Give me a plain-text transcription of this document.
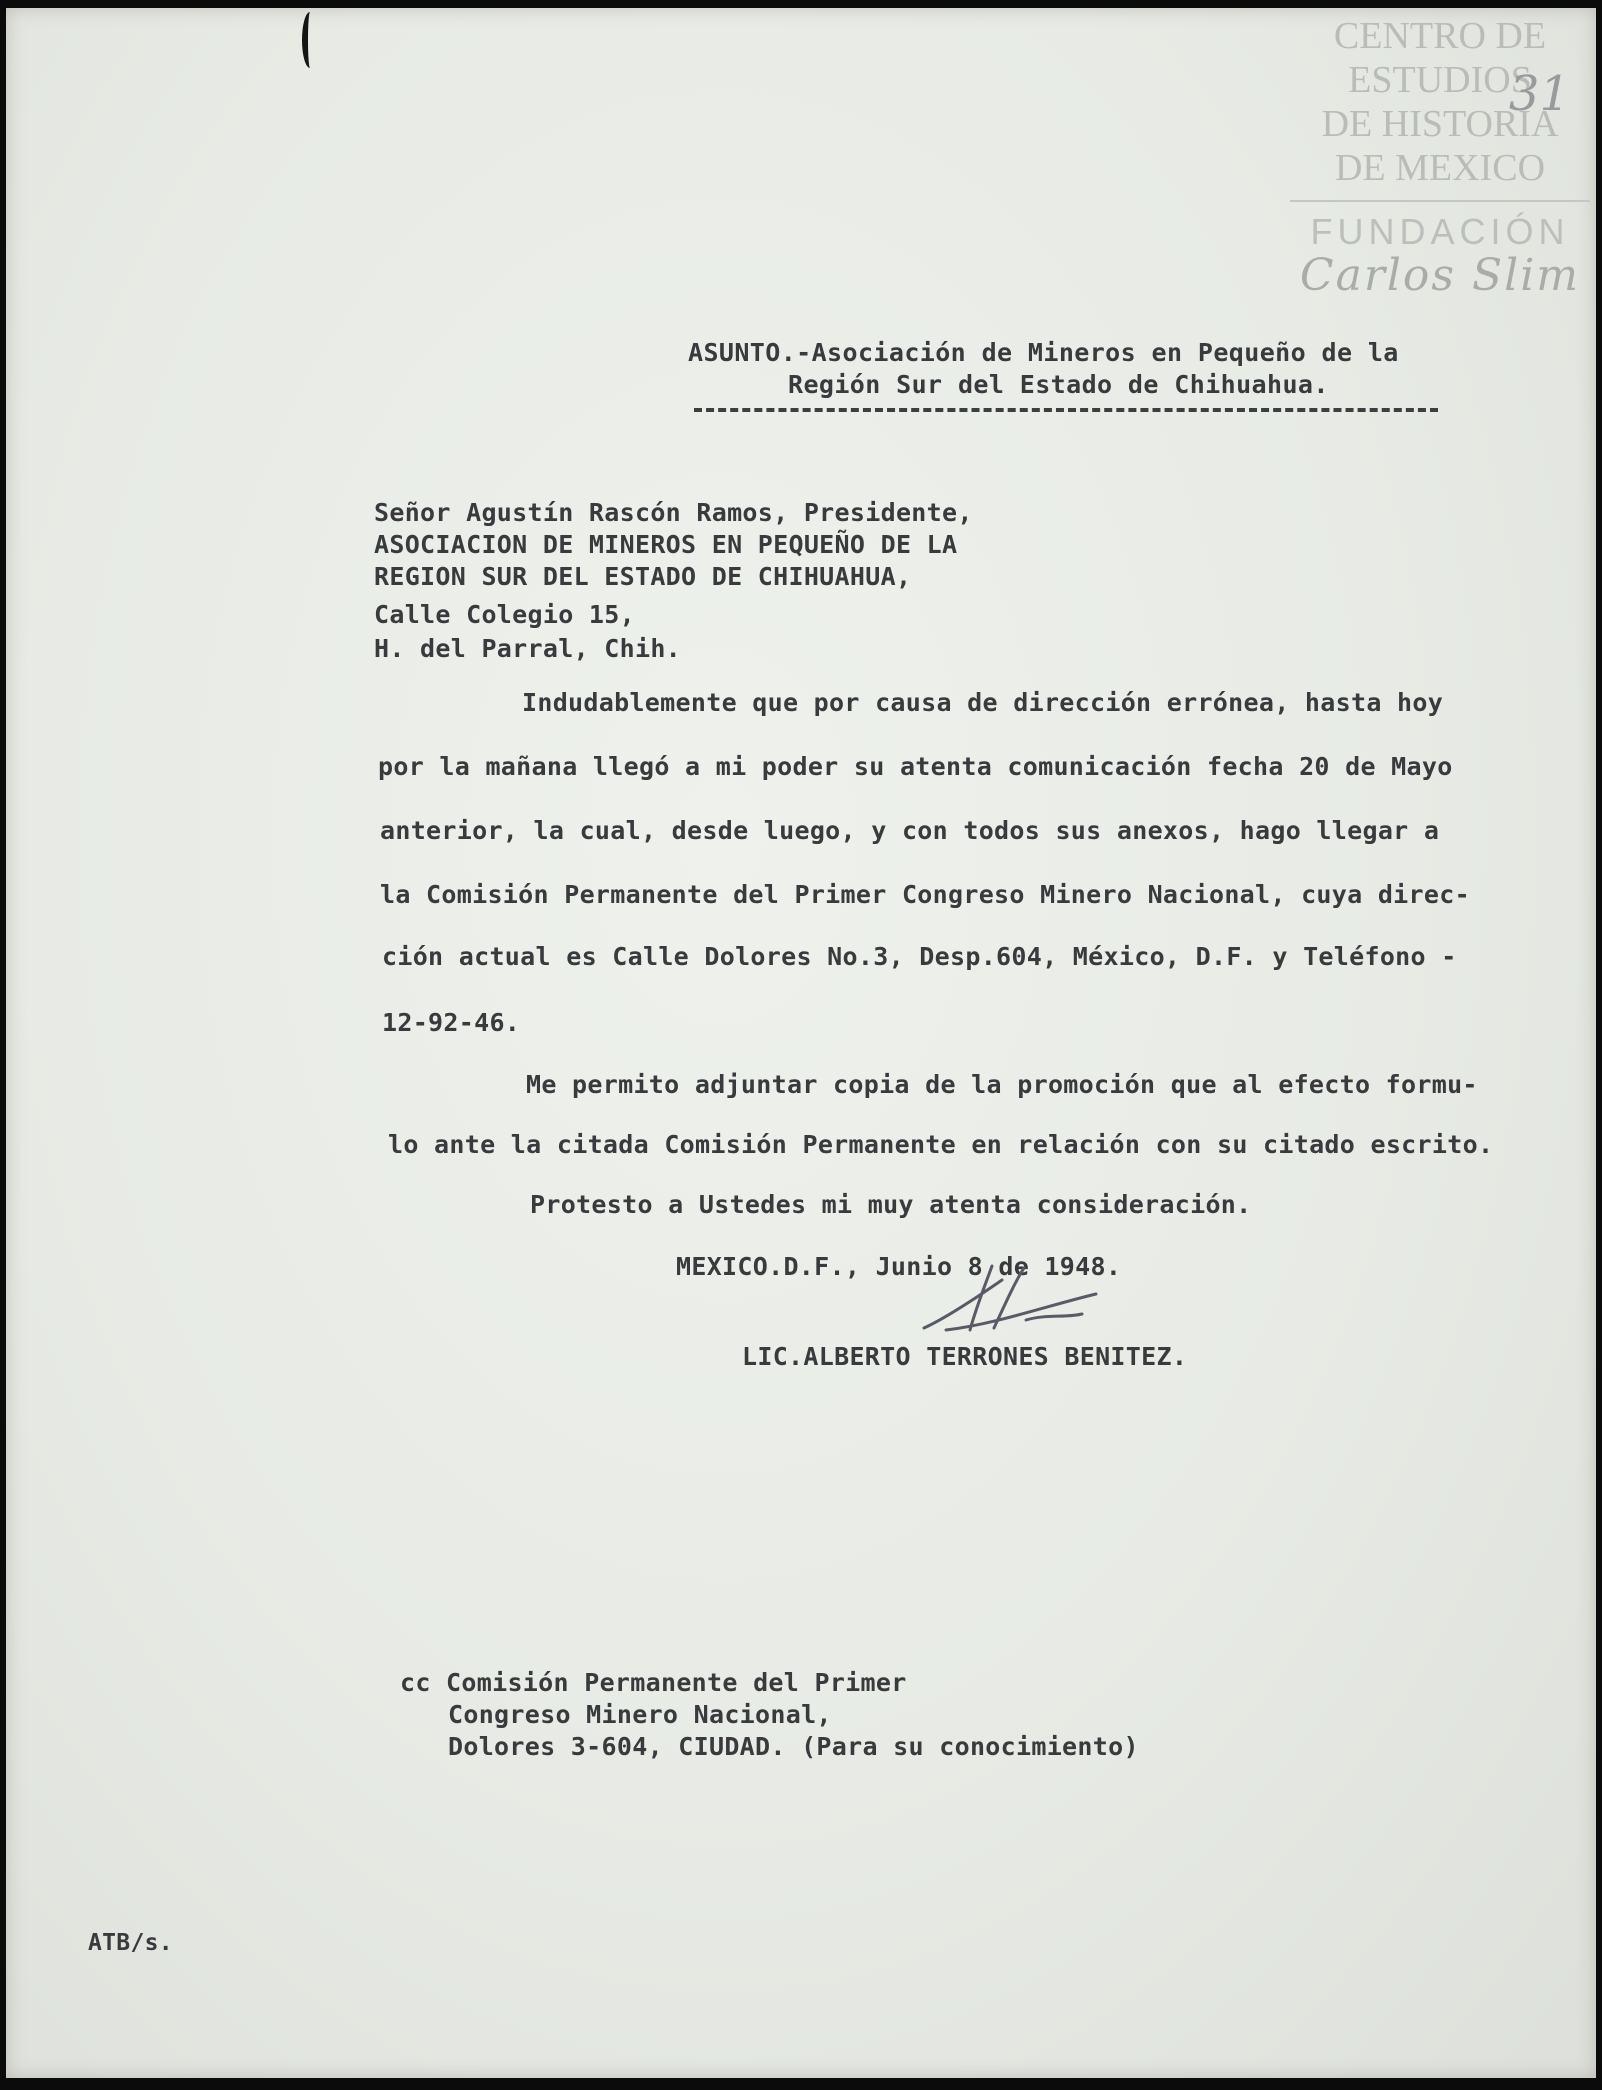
CENTRO DE
ESTUDIOS
DE HISTORIA
DE MEXICO
FUNDACIÓN
Carlos Slim
31
ASUNTO.-Asociación de Mineros en Pequeño de la
Región Sur del Estado de Chihuahua.
Señor Agustín Rascón Ramos, Presidente,
ASOCIACION DE MINEROS EN PEQUEÑO DE LA
REGION SUR DEL ESTADO DE CHIHUAHUA,
Calle Colegio 15,
H. del Parral, Chih.
Indudablemente que por causa de dirección errónea, hasta hoy
por la mañana llegó a mi poder su atenta comunicación fecha 20 de Mayo
anterior, la cual, desde luego, y con todos sus anexos, hago llegar a
la Comisión Permanente del Primer Congreso Minero Nacional, cuya direc-
ción actual es Calle Dolores No.3, Desp.604, México, D.F. y Teléfono -
12-92-46.
Me permito adjuntar copia de la promoción que al efecto formu-
lo ante la citada Comisión Permanente en relación con su citado escrito.
Protesto a Ustedes mi muy atenta consideración.
MEXICO.D.F., Junio 8 de 1948.
LIC.ALBERTO TERRONES BENITEZ.
cc Comisión Permanente del Primer
Congreso Minero Nacional,
Dolores 3-604, CIUDAD. (Para su conocimiento)
ATB/s.
